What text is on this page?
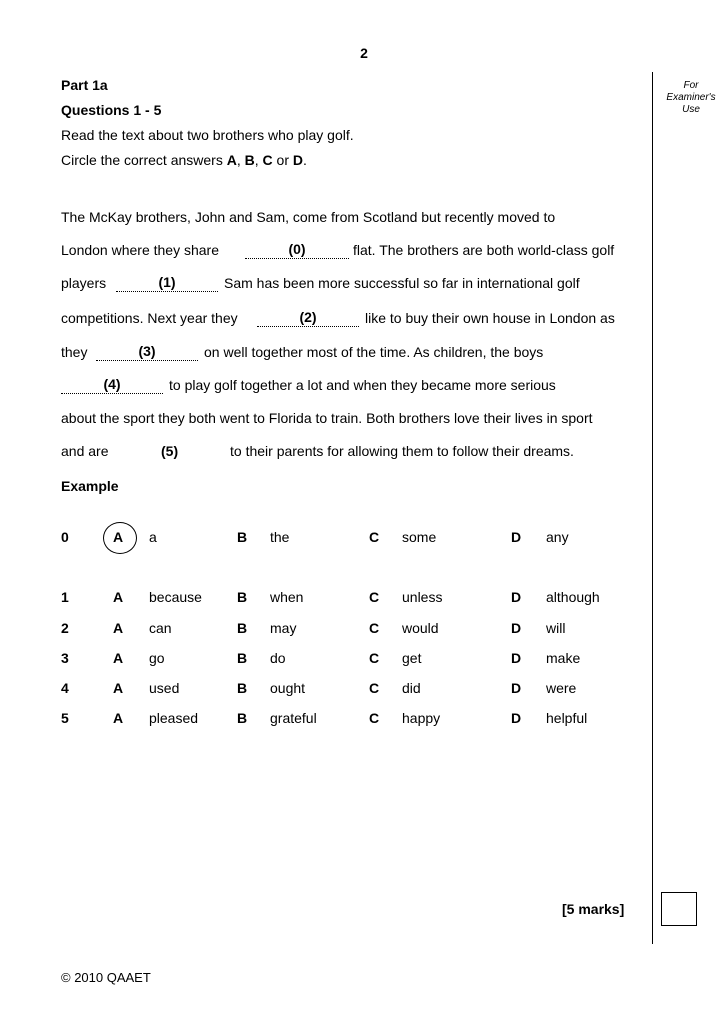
2
For
Examiner's
Use
Part 1a
Questions 1 - 5
Read the text about two brothers who play golf.
Circle the correct answers A, B, C or D.
The McKay brothers, John and Sam, come from Scotland but recently moved to
London where they share	(0)	flat. The brothers are both world-class golf
players	(1)	Sam has been more successful so far in international golf
competitions. Next year they	(2)	like to buy their own house in London as
they	(3)	on well together most of the time. As children, the boys
(4)	to play golf together a lot and when they became more serious
about the sport they both went to Florida to train. Both brothers love their lives in sport
and are	(5)	to their parents for allowing them to follow their dreams.
Example
0	A a	B the	C some	D any
1	A because	B when	C unless	D although
2	A can	B may	C would	D will
3	A go	B do	C get	D make
4	A used	B ought	C did	D were
5	A pleased	B grateful	C happy	D helpful
[5 marks]
© 2010 QAAET
